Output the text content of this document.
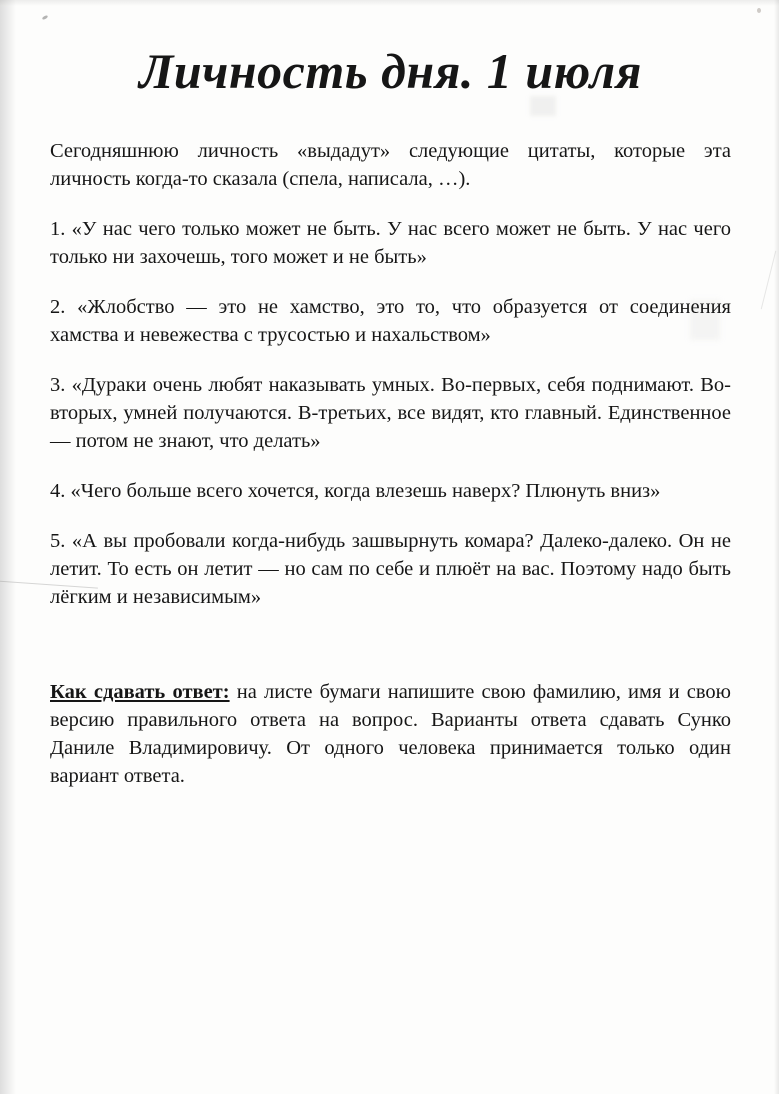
Личность дня. 1 июля

Сегодняшнюю личность «выдадут» следующие цитаты, которые эта личность когда-то сказала (спела, написала, …).

1. «У нас чего только может не быть. У нас всего может не быть. У нас чего только ни захочешь, того может и не быть»

2. «Жлобство — это не хамство, это то, что образуется от соединения хамства и невежества с трусостью и нахальством»

3. «Дураки очень любят наказывать умных. Во-первых, себя поднимают. Во-вторых, умней получаются. В-третьих, все видят, кто главный. Единственное — потом не знают, что делать»

4. «Чего больше всего хочется, когда влезешь наверх? Плюнуть вниз»

5. «А вы пробовали когда-нибудь зашвырнуть комара? Далеко-далеко. Он не летит. То есть он летит — но сам по себе и плюёт на вас. Поэтому надо быть лёгким и независимым»

Как сдавать ответ: на листе бумаги напишите свою фамилию, имя и свою версию правильного ответа на вопрос. Варианты ответа сдавать Сунко Даниле Владимировичу. От одного человека принимается только один вариант ответа.
